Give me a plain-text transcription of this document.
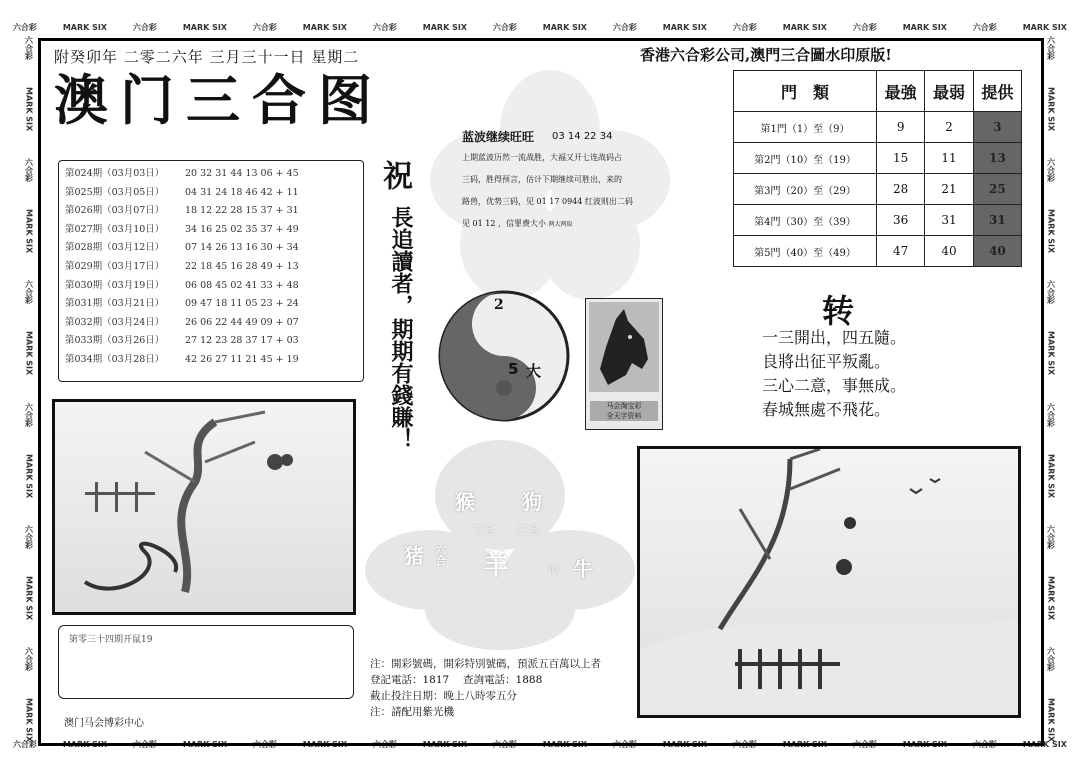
六合彩	MARK SIX	六合彩	MARK SIX	六合彩	MARK SIX	六合彩	MARK SIX	六合彩	MARK SIX	六合彩	MARK SIX	六合彩	MARK SIX	六合彩	MARK SIX	六合彩	MARK SIX
六合彩	MARK SIX	六合彩	MARK SIX	六合彩	MARK SIX	六合彩	MARK SIX	六合彩	MARK SIX	六合彩	MARK SIX	六合彩	MARK SIX	六合彩	MARK SIX	六合彩	MARK SIX
六合彩
MARK SIX
六合彩
MARK SIX
六合彩
MARK SIX
六合彩
MARK SIX
六合彩
MARK SIX
六合彩
MARK SIX
六合彩
MARK SIX
六合彩
MARK SIX
六合彩
MARK SIX
六合彩
MARK SIX
六合彩
MARK SIX
六合彩
MARK SIX
附癸卯年 二零二六年 三月三十一日 星期二	香港六合彩公司,澳門三合圖水印原版!
澳门三合图
第024期（03月03日）	20 32 31 44 13 06 + 45
第025期（03月05日）	04 31 24 18 46 42 + 11
第026期（03月07日）	18 12 22 28 15 37 + 31
第027期（03月10日）	34 16 25 02 35 37 + 49
第028期（03月12日）	07 14 26 13 16 30 + 34
第029期（03月17日）	22 18 45 16 28 49 + 13
第030期（03月19日）	06 08 45 02 41 33 + 48
第031期（03月21日）	09 47 18 11 05 23 + 24
第032期（03月24日）	26 06 22 44 49 09 + 07
第033期（03月26日）	27 12 23 28 37 17 + 03
第034期（03月28日）	42 26 27 11 21 45 + 19
祝
長追讀者，
期期有錢賺！
蓝波继续旺旺 03 14 22 34
上期蓝波历然一流战胜，大福又开七连战码占
三码，胜得预言，估计下期继续可胜出，来的
路兽，优势三码，见 01 17 0944 红波则出二码
见 01 12 ，信罪费大小 两大两取
2
5 大
马会淘宝彩
全天字资料
門　類	最強	最弱	提供
第1門（1）至（9）	9	2	3
第2門（10）至（19）	15	11	13
第3門（20）至（29）	28	21	25
第4門（30）至（39）	36	31	31
第5門（40）至（49）	47	40	40
转
一三開出，四五隨。
良將出征平叛亂。
三心二意，事無成。
春城無處不飛花。
猴 狗
三合 三合
猪 六合 羊	沖 牛
第零三十四期开鼠19
注：開彩號碼，開彩特別號碼，預派五百萬以上者
登記電話：1817　 查詢電話：1888
截止投注日期：晚上八時零五分
注：請配用紫光機
澳门马会博彩中心
